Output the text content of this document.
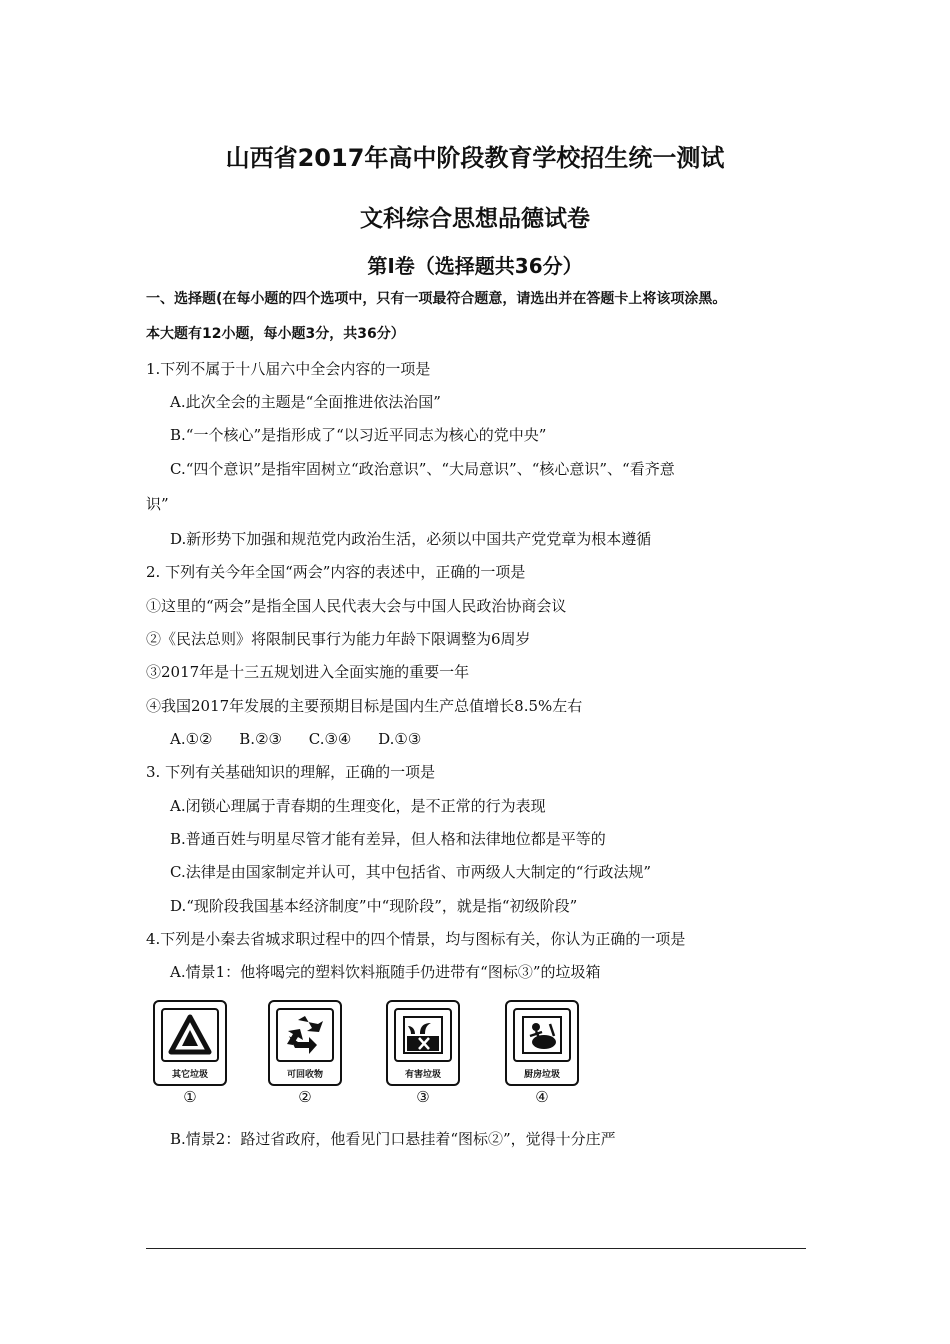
山西省2017年高中阶段教育学校招生统一测试
文科综合思想品德试卷
第Ⅰ卷（选择题共36分）
一、选择题(在每小题的四个选项中，只有一项最符合题意，请选出并在答题卡上将该项涂黑。
本大题有12小题，每小题3分，共36分）
1.下列不属于十八届六中全会内容的一项是
A.此次全会的主题是“全面推进依法治国”
B.“一个核心”是指形成了“以习近平同志为核心的党中央”
C.“四个意识”是指牢固树立“政治意识”、“大局意识”、“核心意识”、“看齐意
识”
D.新形势下加强和规范党内政治生活，必须以中国共产党党章为根本遵循
2. 下列有关今年全国“两会”内容的表述中，正确的一项是
①这里的“两会”是指全国人民代表大会与中国人民政治协商会议
②《民法总则》将限制民事行为能力年龄下限调整为6周岁
③2017年是十三五规划进入全面实施的重要一年
④我国2017年发展的主要预期目标是国内生产总值增长8.5%左右
A.①② B.②③ C.③④ D.①③
3. 下列有关基础知识的理解，正确的一项是
A.闭锁心理属于青春期的生理变化，是不正常的行为表现
B.普通百姓与明星尽管才能有差异，但人格和法律地位都是平等的
C.法律是由国家制定并认可，其中包括省、市两级人大制定的“行政法规”
D.“现阶段我国基本经济制度”中“现阶段”，就是指“初级阶段”
4.下列是小秦去省城求职过程中的四个情景，均与图标有关，你认为正确的一项是
A.情景1：他将喝完的塑料饮料瓶随手仍进带有“图标③”的垃圾箱
其它垃圾
①
可回收物
②
有害垃圾
③
厨房垃圾
④
B.情景2：路过省政府，他看见门口悬挂着“图标②”，觉得十分庄严
